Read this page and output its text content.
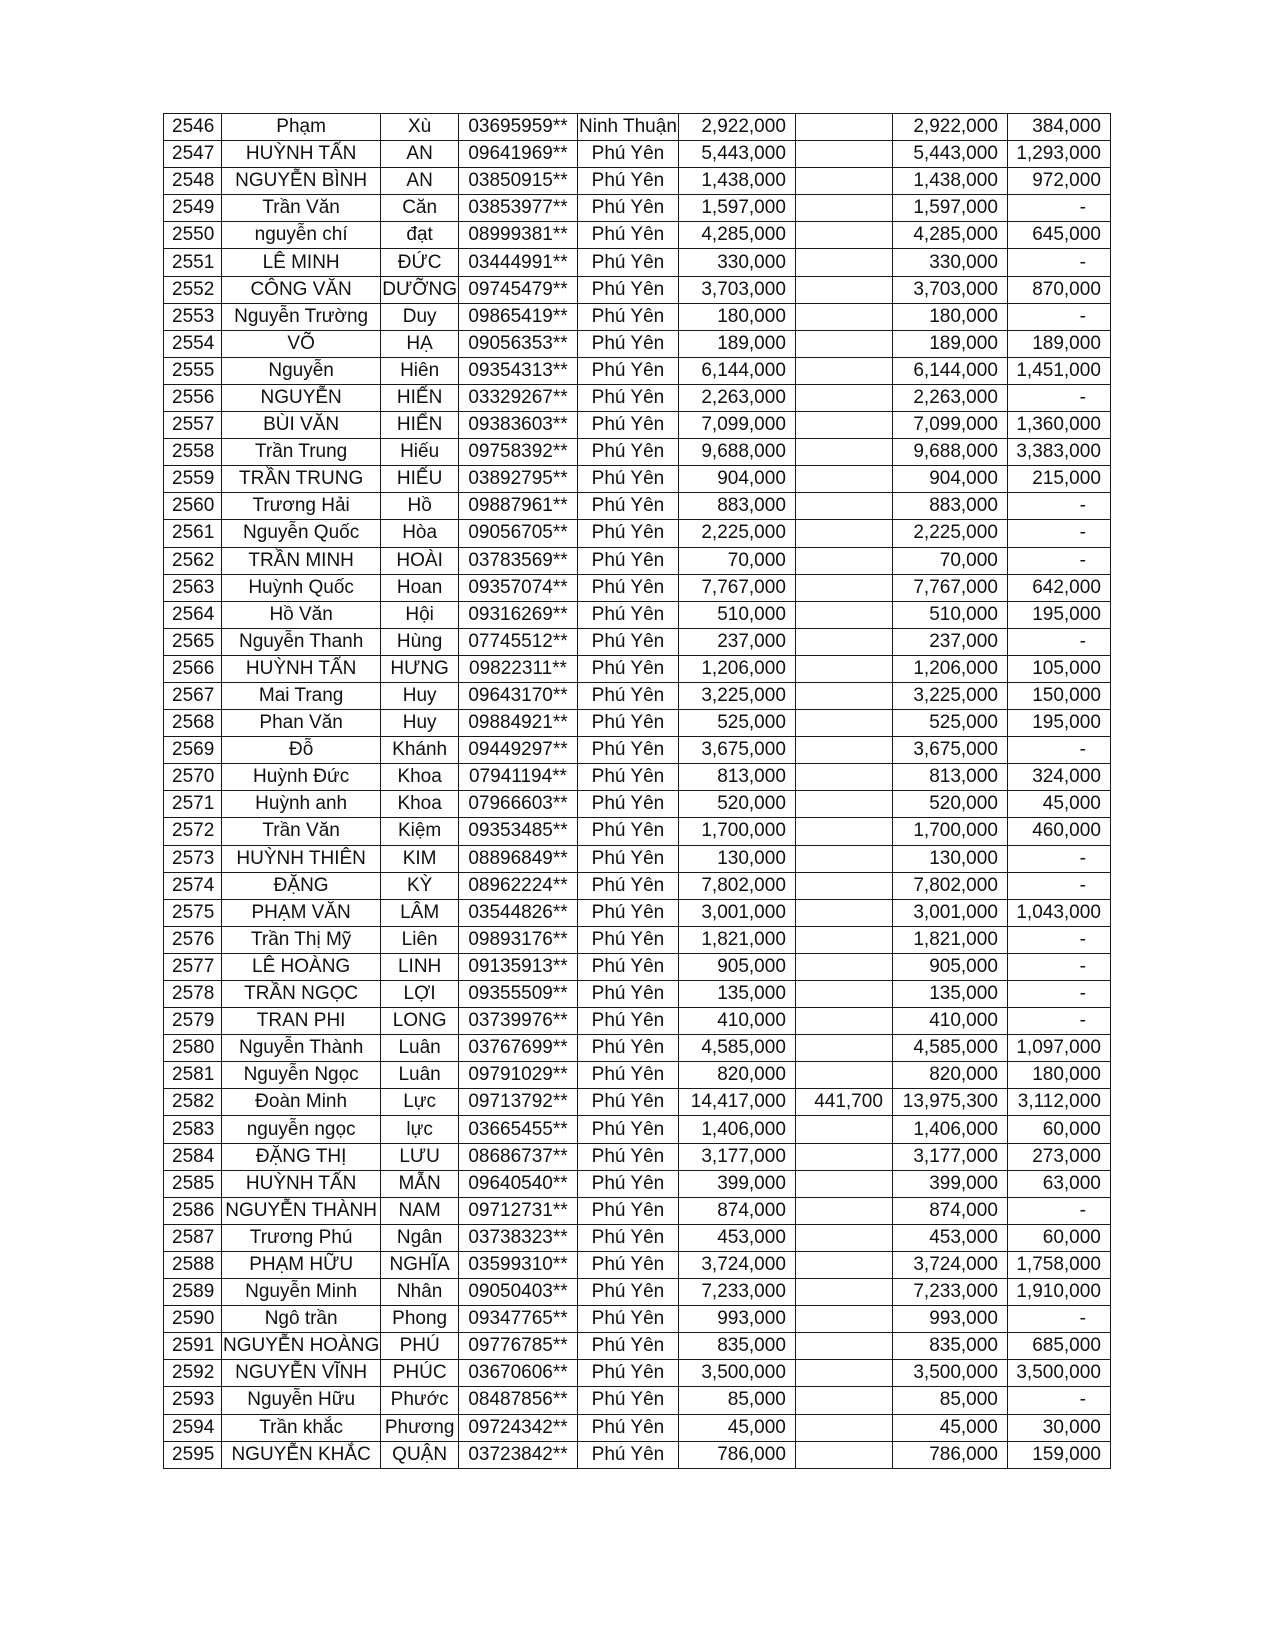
2546	Phạm	Xù	03695959**	Ninh Thuận	2,922,000		2,922,000	384,000
2547	HUỲNH TẤN	AN	09641969**	Phú Yên	5,443,000		5,443,000	1,293,000
2548	NGUYỄN BÌNH	AN	03850915**	Phú Yên	1,438,000		1,438,000	972,000
2549	Trần Văn	Căn	03853977**	Phú Yên	1,597,000		1,597,000	-
2550	nguyễn chí	đạt	08999381**	Phú Yên	4,285,000		4,285,000	645,000
2551	LÊ MINH	ĐỨC	03444991**	Phú Yên	330,000		330,000	-
2552	CÔNG VĂN	DƯỠNG	09745479**	Phú Yên	3,703,000		3,703,000	870,000
2553	Nguyễn Trường	Duy	09865419**	Phú Yên	180,000		180,000	-
2554	VÕ	HẠ	09056353**	Phú Yên	189,000		189,000	189,000
2555	Nguyễn	Hiên	09354313**	Phú Yên	6,144,000		6,144,000	1,451,000
2556	NGUYỄN	HIẾN	03329267**	Phú Yên	2,263,000		2,263,000	-
2557	BÙI VĂN	HIỂN	09383603**	Phú Yên	7,099,000		7,099,000	1,360,000
2558	Trần Trung	Hiếu	09758392**	Phú Yên	9,688,000		9,688,000	3,383,000
2559	TRẦN TRUNG	HIẾU	03892795**	Phú Yên	904,000		904,000	215,000
2560	Trương Hải	Hồ	09887961**	Phú Yên	883,000		883,000	-
2561	Nguyễn Quốc	Hòa	09056705**	Phú Yên	2,225,000		2,225,000	-
2562	TRẦN MINH	HOÀI	03783569**	Phú Yên	70,000		70,000	-
2563	Huỳnh Quốc	Hoan	09357074**	Phú Yên	7,767,000		7,767,000	642,000
2564	Hồ Văn	Hội	09316269**	Phú Yên	510,000		510,000	195,000
2565	Nguyễn Thanh	Hùng	07745512**	Phú Yên	237,000		237,000	-
2566	HUỲNH TẤN	HƯNG	09822311**	Phú Yên	1,206,000		1,206,000	105,000
2567	Mai Trang	Huy	09643170**	Phú Yên	3,225,000		3,225,000	150,000
2568	Phan Văn	Huy	09884921**	Phú Yên	525,000		525,000	195,000
2569	Đỗ	Khánh	09449297**	Phú Yên	3,675,000		3,675,000	-
2570	Huỳnh Đức	Khoa	07941194**	Phú Yên	813,000		813,000	324,000
2571	Huỳnh anh	Khoa	07966603**	Phú Yên	520,000		520,000	45,000
2572	Trần Văn	Kiệm	09353485**	Phú Yên	1,700,000		1,700,000	460,000
2573	HUỲNH THIÊN	KIM	08896849**	Phú Yên	130,000		130,000	-
2574	ĐẶNG	KỲ	08962224**	Phú Yên	7,802,000		7,802,000	-
2575	PHẠM VĂN	LÂM	03544826**	Phú Yên	3,001,000		3,001,000	1,043,000
2576	Trần Thị Mỹ	Liên	09893176**	Phú Yên	1,821,000		1,821,000	-
2577	LÊ HOÀNG	LINH	09135913**	Phú Yên	905,000		905,000	-
2578	TRẦN NGỌC	LỢI	09355509**	Phú Yên	135,000		135,000	-
2579	TRAN PHI	LONG	03739976**	Phú Yên	410,000		410,000	-
2580	Nguyễn Thành	Luân	03767699**	Phú Yên	4,585,000		4,585,000	1,097,000
2581	Nguyễn Ngọc	Luân	09791029**	Phú Yên	820,000		820,000	180,000
2582	Đoàn Minh	Lực	09713792**	Phú Yên	14,417,000	441,700	13,975,300	3,112,000
2583	nguyễn ngọc	lực	03665455**	Phú Yên	1,406,000		1,406,000	60,000
2584	ĐẶNG THỊ	LƯU	08686737**	Phú Yên	3,177,000		3,177,000	273,000
2585	HUỲNH TẤN	MẪN	09640540**	Phú Yên	399,000		399,000	63,000
2586	NGUYỄN THÀNH	NAM	09712731**	Phú Yên	874,000		874,000	-
2587	Trương Phú	Ngân	03738323**	Phú Yên	453,000		453,000	60,000
2588	PHẠM HỮU	NGHĨA	03599310**	Phú Yên	3,724,000		3,724,000	1,758,000
2589	Nguyễn Minh	Nhân	09050403**	Phú Yên	7,233,000		7,233,000	1,910,000
2590	Ngô trần	Phong	09347765**	Phú Yên	993,000		993,000	-
2591	NGUYỄN HOÀNG	PHÚ	09776785**	Phú Yên	835,000		835,000	685,000
2592	NGUYỄN VĨNH	PHÚC	03670606**	Phú Yên	3,500,000		3,500,000	3,500,000
2593	Nguyễn Hữu	Phước	08487856**	Phú Yên	85,000		85,000	-
2594	Trần khắc	Phương	09724342**	Phú Yên	45,000		45,000	30,000
2595	NGUYỄN KHẮC	QUẬN	03723842**	Phú Yên	786,000		786,000	159,000
